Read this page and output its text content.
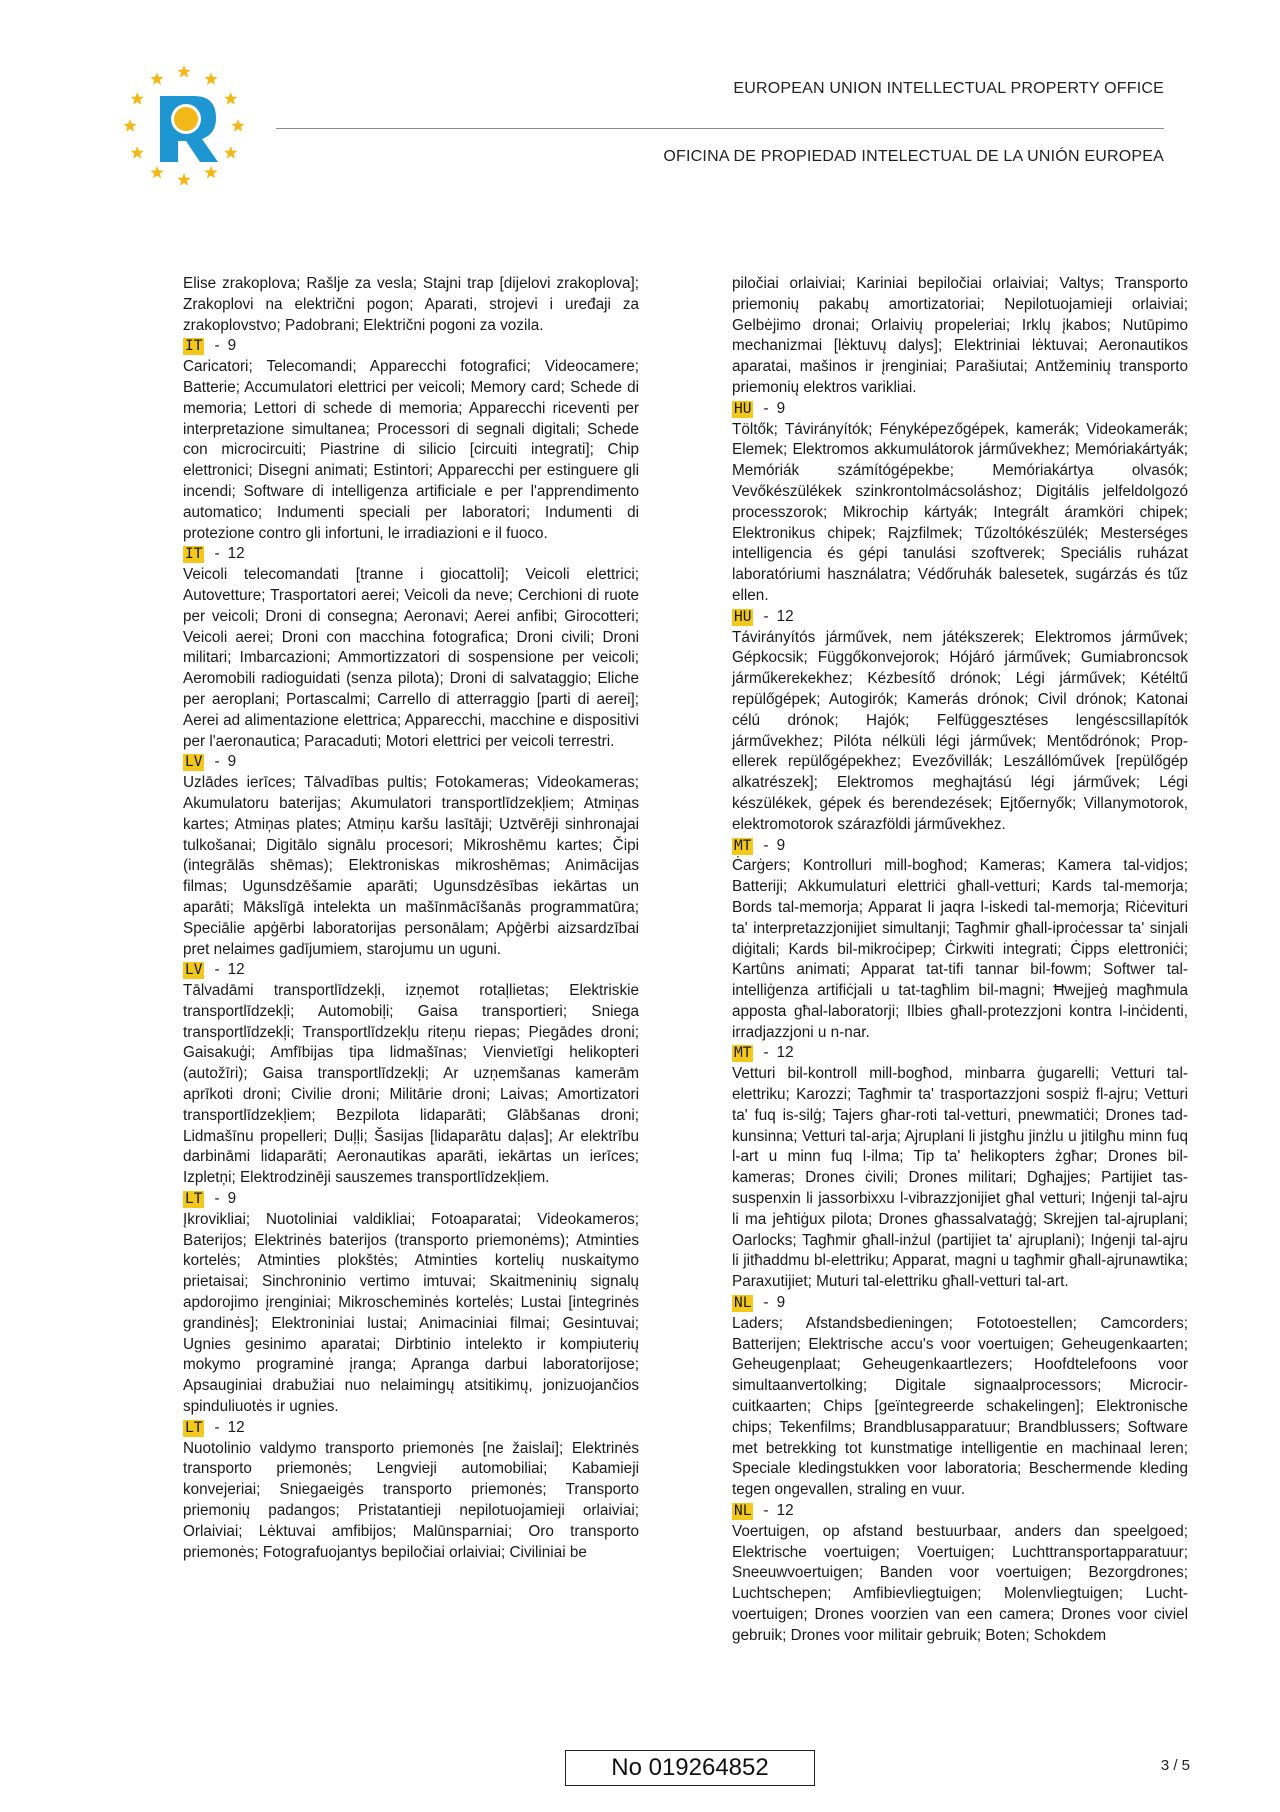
EUROPEAN UNION INTELLECTUAL PROPERTY OFFICE
OFICINA DE PROPIEDAD INTELECTUAL DE LA UNIÓN EUROPEA

Elise zrakoplova; Rašlje za vesla; Stajni trap [dijelovi zrakoplova]; Zrakoplovi na električni pogon; Aparati, strojevi i uređaji za zrakoplovstvo; Padobrani; Električni pogoni za vozila.

IT - 9

Caricatori; Telecomandi; Apparecchi fotografici; Videocamere; Batterie; Accumulatori elettrici per veicoli; Memory card; Schede di memoria; Lettori di schede di memoria; Apparecchi riceventi per interpretazione simultanea; Processori di segnali digitali; Schede con microcircuiti; Piastrine di silicio [circuiti integrati]; Chip elettronici; Disegni animati; Estintori; Apparecchi per estinguere gli incendi; Software di intelligenza artificiale e per l'apprendimento automatico; Indumenti speciali per laboratori; Indumenti di protezione contro gli infortuni, le irradiazioni e il fuoco.

IT - 12

Veicoli telecomandati [tranne i giocattoli]; Veicoli elettrici; Autovetture; Trasportatori aerei; Veicoli da neve; Cerchioni di ruote per veicoli; Droni di consegna; Aeronavi; Aerei anfibi; Girocotteri; Veicoli aerei; Droni con macchina fotografica; Droni civili; Droni militari; Imbarcazioni; Ammortizzatori di sospensione per veicoli; Aeromobili radioguidati (senza pilota); Droni di salvataggio; Eliche per aeroplani; Portascalmi; Carrello di atterraggio [parti di aerei]; Aerei ad alimentazione elettrica; Apparecchi, macchine e dispositivi per l'aeronautica; Paracaduti; Motori elettrici per veicoli terrestri.

LV - 9

Uzlādes ierīces; Tālvadības pultis; Fotokameras; Videokameras; Akumulatoru baterijas; Akumulatori transportlīdzekļiem; Atmiņas kartes; Atmiņas plates; Atmiņu karšu lasītāji; Uztvērēji sinhronajai tulkošanai; Digitālo signālu procesori; Mikroshēmu kartes; Čipi (integrālās shēmas); Elektroniskas mikroshēmas; Animācijas filmas; Ugunsdzēšamie aparāti; Ugunsdzēsības iekārtas un aparāti; Mākslīgā intelekta un mašīnmācīšanās programmatūra; Speciālie apģērbi laboratorijas personālam; Apģērbi aizsardzībai pret nelaimes gadījumiem, starojumu un uguni.

LV - 12

Tālvadāmi transportlīdzekļi, izņemot rotaļlietas; Elektriskie transportlīdzekļi; Automobiļi; Gaisa transportieri; Sniega transportlīdzekļi; Transportlīdzekļu riteņu riepas; Piegādes droni; Gaisakuģi; Amfībijas tipa lidmašīnas; Vienvietīgi helikopteri (autožīri); Gaisa transportlīdzekļi; Ar uzņemšanas kamerām aprīkoti droni; Civilie droni; Militārie droni; Laivas; Amortizatori transportlīdzekļiem; Bezpilota lidaparāti; Glābšanas droni; Lidmašīnu propelleri; Duļļi; Šasijas [lidaparātu daļas]; Ar elektrību darbināmi lidaparāti; Aeronautikas aparāti, iekārtas un ierīces; Izpletņi; Elektrodzinēji sauszemes transportlīdzekļiem.

LT - 9

Įkrovikliai; Nuotoliniai valdikliai; Fotoaparatai; Videokameros; Baterijos; Elektrinės baterijos (transporto priemonėms); Atminties kortelės; Atminties plokštės; Atminties kortelių nuskaitymo prietaisai; Sinchroninio vertimo imtuvai; Skaitmeninių signalų apdorojimo įrenginiai; Mikroscheminės kortelės; Lustai [integrinės grandinės]; Elektroniniai lustai; Animaciniai filmai; Gesintuvai; Ugnies gesinimo aparatai; Dirbtinio intelekto ir kompiuterių mokymo programinė įranga; Apranga darbui laboratorijose; Apsauginiai drabužiai nuo nelaimingų atsitikimų, jonizuojančios spinduliuotės ir ugnies.

LT - 12

Nuotolinio valdymo transporto priemonės [ne žaislai]; Elektrinės transporto priemonės; Lengvieji automobiliai; Kabamieji konvejeriai; Sniegaeigės transporto priemonės; Transporto priemonių padangos; Pristatantieji nepilotuojamieji orlaiviai; Orlaiviai; Lėktuvai amfibijos; Malūnsparniai; Oro transporto priemonės; Fotografuojantys bepiločiai orlaiviai; Civiliniai be

piločiai orlaiviai; Kariniai bepiločiai orlaiviai; Valtys; Transporto priemonių pakabų amortizatoriai; Nepilotuojamieji orlaiviai; Gelbėjimo dronai; Orlaivių propeleriai; Irklų įkabos; Nutūpimo mechanizmai [lėktuvų dalys]; Elektriniai lėktuvai; Aeronautikos aparatai, mašinos ir įrenginiai; Parašiutai; Antžeminių transporto priemonių elektros varikliai.

HU - 9

Töltők; Távirányítók; Fényképezőgépek, kamerák; Videokamerák; Elemek; Elektromos akkumulátorok járművekhez; Memóriakártyák; Memóriák számítógépekbe; Memóriakártya olvasók; Vevőkészülékek szinkrontolmácsoláshoz; Digitális jelfeldolgozó processzorok; Mikrochip kártyák; Integrált áramköri chipek; Elektronikus chipek; Rajzfilmek; Tűzoltókészülék; Mesterséges intelligencia és gépi tanulási szoftverek; Speciális ruházat laboratóriumi használatra; Védőruhák balesetek, sugárzás és tűz ellen.

HU - 12

Távirányítós járművek, nem játékszerek; Elektromos járművek; Gépkocsik; Függőkonvejorok; Hójáró járművek; Gumiabroncsok járműkerekekhez; Kézbesítő drónok; Légi járművek; Kétéltű repülőgépek; Autogirók; Kamerás drónok; Civil drónok; Katonai célú drónok; Hajók; Felfüggesztéses lengéscsillapítók járművekhez; Pilóta nélküli légi járművek; Mentődrónok; Propellerek repülőgépekhez; Evezővillák; Leszállóművek [repülőgép alkatrészek]; Elektromos meghajtású légi járművek; Légi készülékek, gépek és berendezések; Ejtőernyők; Villanymotorok, elektromotorok szárazföldi járművekhez.

MT - 9

Ċarġers; Kontrolluri mill-bogħod; Kameras; Kamera tal-vidjos; Batteriji; Akkumulaturi elettriċi għall-vetturi; Kards tal-memorja; Bords tal-memorja; Apparat li jaqra l-iskedi tal-memorja; Riċevituri ta' interpretazzjonijiet simultanji; Tagħmir għall-iproċessar ta' sinjali diġitali; Kards bil-mikroċipep; Ċirkwiti integrati; Ċipps elettroniċi; Kartûns animati; Apparat tat-tifi tannar bil-fowm; Softwer tal-intelliġenza artifiċjali u tat-tagħlim bil-magni; Ħwejjeġ magħmula apposta għal-laboratorji; Ilbies għall-protezzjoni kontra l-inċidenti, irradjazzjoni u n-nar.

MT - 12

Vetturi bil-kontroll mill-bogħod, minbarra ġugarelli; Vetturi tal-elettriku; Karozzi; Tagħmir ta' trasportazzjoni sospiż fl-ajru; Vetturi ta' fuq is-silġ; Tajers għar-roti tal-vetturi, pnewmatiċi; Drones tad-kunsinna; Vetturi tal-arja; Ajruplani li jistgħu jinżlu u jitilgħu minn fuq l-art u minn fuq l-ilma; Tip ta' ħelikopters żgħar; Drones bil-kameras; Drones ċivili; Drones militari; Dgħajjes; Partijiet tas-suspenxin li jassorbixxu l-vibrazzjonijiet għal vetturi; Inġenji tal-ajru li ma jeħtiġux pilota; Drones għassalvataġġ; Skrejjen tal-ajruplani; Oarlocks; Tagħmir għall-inżul (partijiet ta' ajruplani); Inġenji tal-ajru li jitħaddmu bl-elettriku; Apparat, magni u tagħmir għall-ajrunawtika; Paraxutijiet; Muturi tal-elettriku għall-vetturi tal-art.

NL - 9

Laders; Afstandsbedieningen; Fototoestellen; Camcorders; Batterijen; Elektrische accu's voor voertuigen; Geheugenkaarten; Geheugenplaat; Geheugenkaartlezers; Hoofdtelefoons voor simultaanvertolking; Digitale signaalprocessors; Microcircuitkaarten; Chips [geïntegreerde schakelingen]; Elektronische chips; Tekenfilms; Brandblusapparatuur; Brandblussers; Software met betrekking tot kunstmatige intelligentie en machinaal leren; Speciale kledingstukken voor laboratoria; Beschermende kleding tegen ongevallen, straling en vuur.

NL - 12

Voertuigen, op afstand bestuurbaar, anders dan speelgoed; Elektrische voertuigen; Voertuigen; Luchttransportapparatuur; Sneeuwvoertuigen; Banden voor voertuigen; Bezorgdrones; Luchtschepen; Amfibievliegtuigen; Molenvliegtuigen; Luchtvoertuigen; Drones voorzien van een camera; Drones voor civiel gebruik; Drones voor militair gebruik; Boten; Schokdem

No 019264852	3 / 5
